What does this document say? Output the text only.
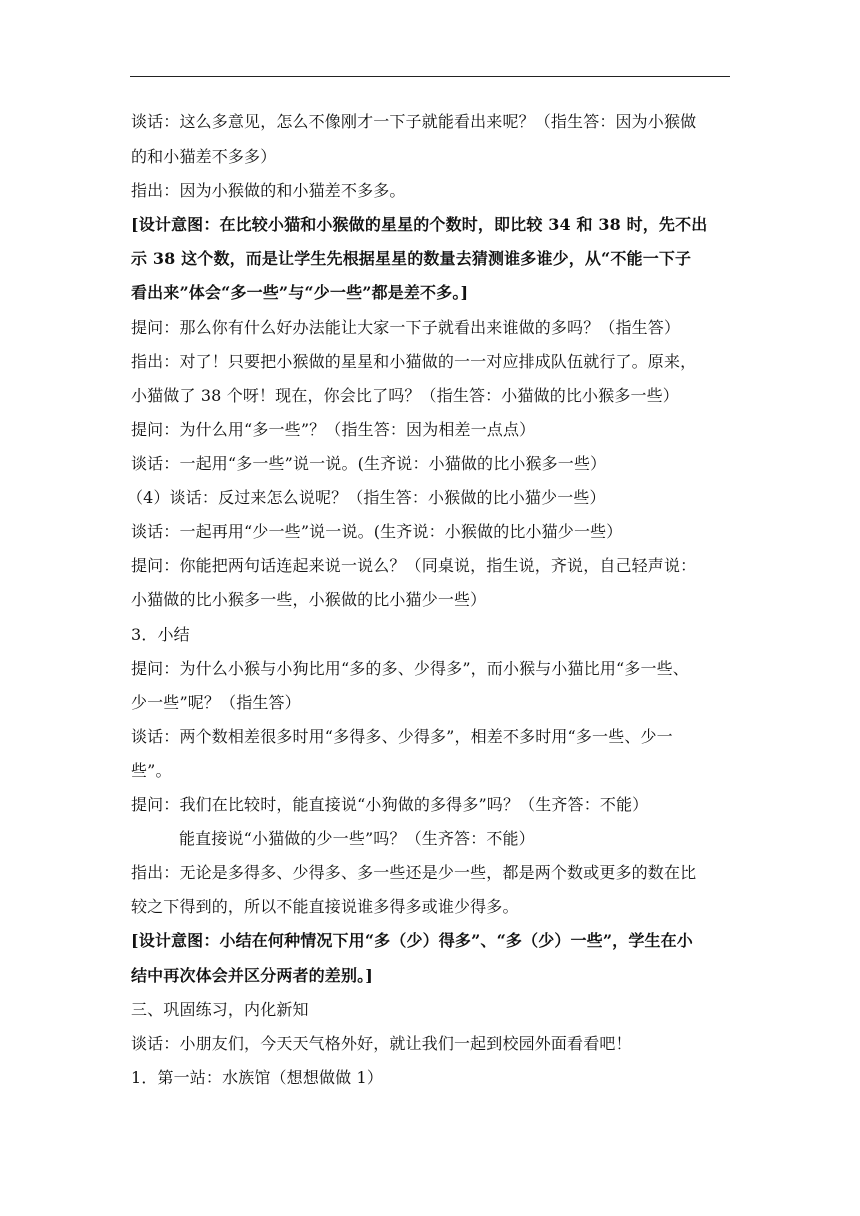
谈话：这么多意见，怎么不像刚才一下子就能看出来呢？（指生答：因为小猴做
的和小猫差不多多）
指出：因为小猴做的和小猫差不多多。
[设计意图：在比较小猫和小猴做的星星的个数时，即比较 34 和 38 时，先不出
示 38 这个数，而是让学生先根据星星的数量去猜测谁多谁少，从“不能一下子
看出来”体会“多一些”与“少一些”都是差不多。]
提问：那么你有什么好办法能让大家一下子就看出来谁做的多吗？（指生答）
指出：对了！只要把小猴做的星星和小猫做的一一对应排成队伍就行了。原来，
小猫做了 38 个呀！现在，你会比了吗？（指生答：小猫做的比小猴多一些）
提问：为什么用“多一些”？（指生答：因为相差一点点）
谈话：一起用“多一些”说一说。(生齐说：小猫做的比小猴多一些）
（4）谈话：反过来怎么说呢？（指生答：小猴做的比小猫少一些）
谈话：一起再用“少一些”说一说。(生齐说：小猴做的比小猫少一些）
提问：你能把两句话连起来说一说么？（同桌说，指生说，齐说，自己轻声说：
小猫做的比小猴多一些，小猴做的比小猫少一些）
3．小结
提问：为什么小猴与小狗比用“多的多、少得多”，而小猴与小猫比用“多一些、
少一些”呢？（指生答）
谈话：两个数相差很多时用“多得多、少得多”，相差不多时用“多一些、少一
些”。
提问：我们在比较时，能直接说“小狗做的多得多”吗？（生齐答：不能）
能直接说“小猫做的少一些”吗？（生齐答：不能）
指出：无论是多得多、少得多、多一些还是少一些，都是两个数或更多的数在比
较之下得到的，所以不能直接说谁多得多或谁少得多。
[设计意图：小结在何种情况下用“多（少）得多”、“多（少）一些”，学生在小
结中再次体会并区分两者的差别。]
三、巩固练习，内化新知
谈话：小朋友们，今天天气格外好，就让我们一起到校园外面看看吧！
1．第一站：水族馆（想想做做 1）
